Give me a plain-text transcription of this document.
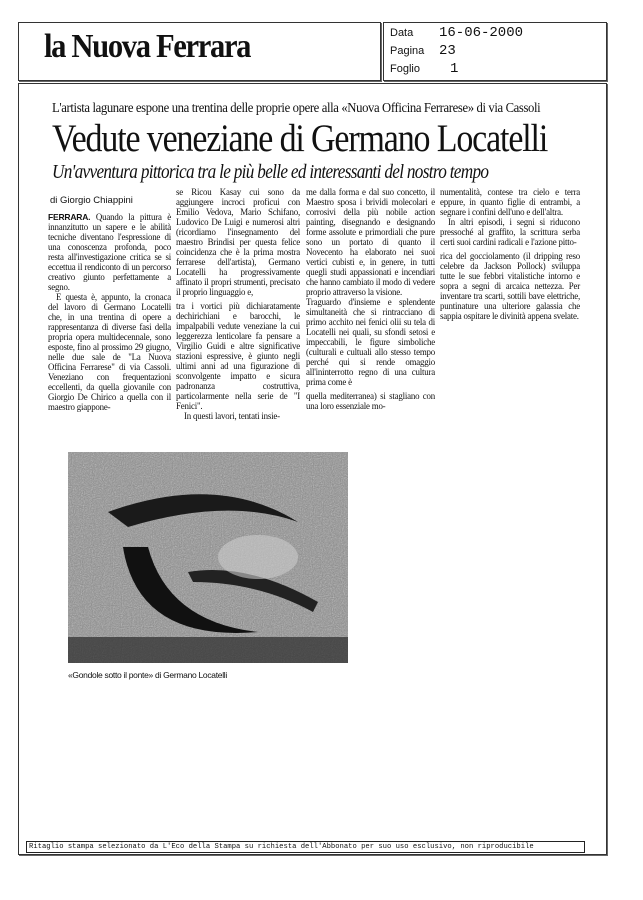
la Nuova Ferrara	Data 16-06-2000
Pagina 23
Foglio 1
L'artista lagunare espone una trentina delle proprie opere alla «Nuova Officina Ferrarese» di via Cassoli
Vedute veneziane di Germano Locatelli
Un'avventura pittorica tra le più belle ed interessanti del nostro tempo
di Giorgio Chiappini

FERRARA. Quando la pittura è innanzitutto un sapere e le abilità tecniche diventano l'espressione di una conoscenza profonda, poco resta all'investigazione critica se si eccettua il rendiconto di un percorso creativo giunto perfettamente a segno.

E questa è, appunto, la cronaca del lavoro di Germano Locatelli che, in una trentina di opere a rappresentanza di diverse fasi della propria opera multidecennale, sono esposte, fino al prossimo 29 giugno, nelle due sale de "La Nuova Officina Ferrarese" di via Cassoli. Veneziano con frequentazioni eccellenti, da quella giovanile con Giorgio De Chirico a quella con il maestro giappone-

se Ricou Kasay cui sono da aggiungere incroci proficui con Emilio Vedova, Mario Schifano, Ludovico De Luigi e numerosi altri (ricordiamo l'insegnamento del maestro Brindisi per questa felice coincidenza che è la prima mostra ferrarese dell'artista), Germano Locatelli ha progressivamente affinato il propri strumenti, precisato il proprio linguaggio e,

tra i vortici più dichiaratamente dechirichiani e barocchi, le impalpabili vedute veneziane la cui leggerezza lenticolare fa pensare a Virgilio Guidi e altre significative stazioni espressive, è giunto negli ultimi anni ad una figurazione di sconvolgente impatto e sicura padronanza costruttiva, particolarmente nella serie de "I Fenici".

In questi lavori, tentati insie-

me dalla forma e dal suo concetto, il Maestro sposa i brividi molecolari e corrosivi della più nobile action painting, disegnando e designando forme assolute e primordiali che pure sono un portato di quanto il Novecento ha elaborato nei suoi vertici cubisti e, in genere, in tutti quegli studi appassionati e incendiari che hanno cambiato il modo di vedere proprio attraverso la visione.

Traguardo d'insieme e splendente simultaneità che si rintracciano di primo acchito nei fenici olii su tela di Locatelli nei quali, su sfondi setosi e impeccabili, le figure simboliche (culturali e cultuali allo stesso tempo perché qui si rende omaggio all'ininterrotto regno di una cultura prima come è

quella mediterranea) si stagliano con una loro essenziale mo-

numentalità, contese tra cielo e terra eppure, in quanto figlie di entrambi, a segnare i confini dell'uno e dell'altra.

In altri episodi, i segni si riducono pressoché al graffito, la scrittura serba certi suoi cardini radicali e l'azione pitto-

rica del gocciolamento (il dripping reso celebre da Jackson Pollock) sviluppa tutte le sue febbri vitalistiche intorno e sopra a segni di arcaica nettezza. Per inventare tra scarti, sottili bave elettriche, puntinature una ulteriore galassia che sappia ospitare le divinità appena svelate.

«Gondole sotto il ponte» di Germano Locatelli
Ritaglio stampa selezionato da L'Eco della Stampa su richiesta dell'Abbonato per suo uso esclusivo, non riproducibile
